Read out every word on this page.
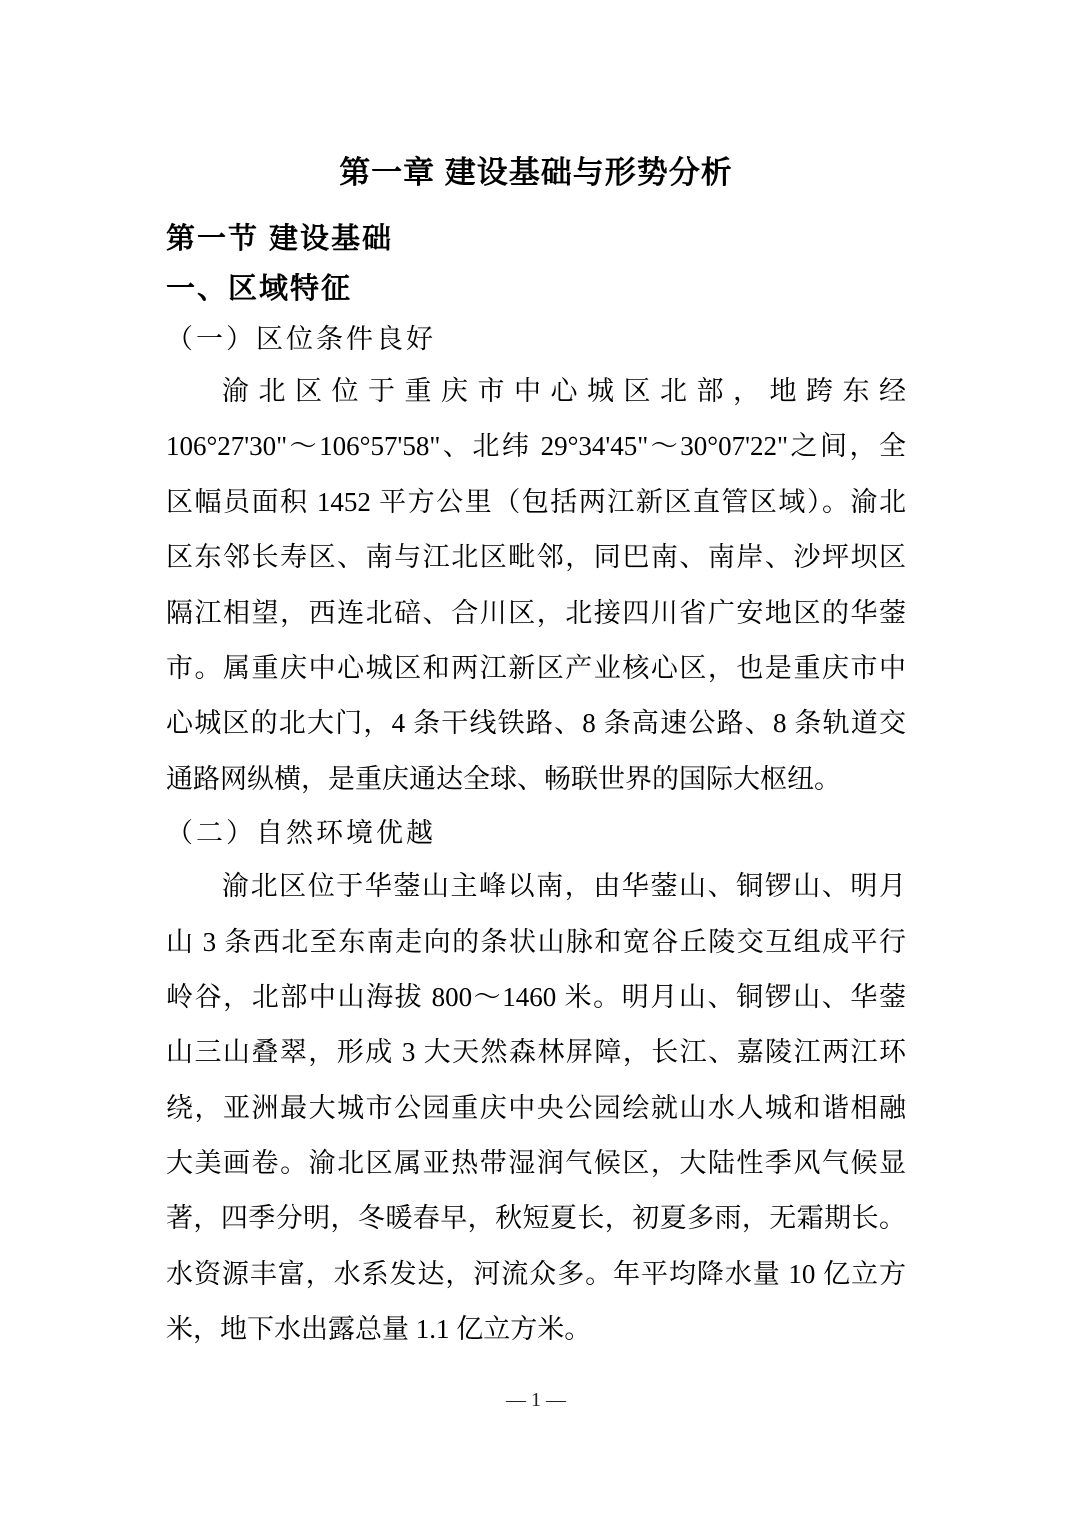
第一章 建设基础与形势分析
第一节 建设基础
一、区域特征
（一）区位条件良好
渝北区位于重庆市中心城区北部，地跨东经
106°27'30"～106°57'58"、北纬 29°34'45"～30°07'22"之间，全
区幅员面积 1452 平方公里（包括两江新区直管区域）。渝北
区东邻长寿区、南与江北区毗邻，同巴南、南岸、沙坪坝区
隔江相望，西连北碚、合川区，北接四川省广安地区的华蓥
市。属重庆中心城区和两江新区产业核心区，也是重庆市中
心城区的北大门，4 条干线铁路、8 条高速公路、8 条轨道交
通路网纵横，是重庆通达全球、畅联世界的国际大枢纽。
（二）自然环境优越
渝北区位于华蓥山主峰以南，由华蓥山、铜锣山、明月
山 3 条西北至东南走向的条状山脉和宽谷丘陵交互组成平行
岭谷，北部中山海拔 800～1460 米。明月山、铜锣山、华蓥
山三山叠翠，形成 3 大天然森林屏障，长江、嘉陵江两江环
绕，亚洲最大城市公园重庆中央公园绘就山水人城和谐相融
大美画卷。渝北区属亚热带湿润气候区，大陆性季风气候显
著，四季分明，冬暖春早，秋短夏长，初夏多雨，无霜期长。
水资源丰富，水系发达，河流众多。年平均降水量 10 亿立方
米，地下水出露总量 1.1 亿立方米。
— 1 —
